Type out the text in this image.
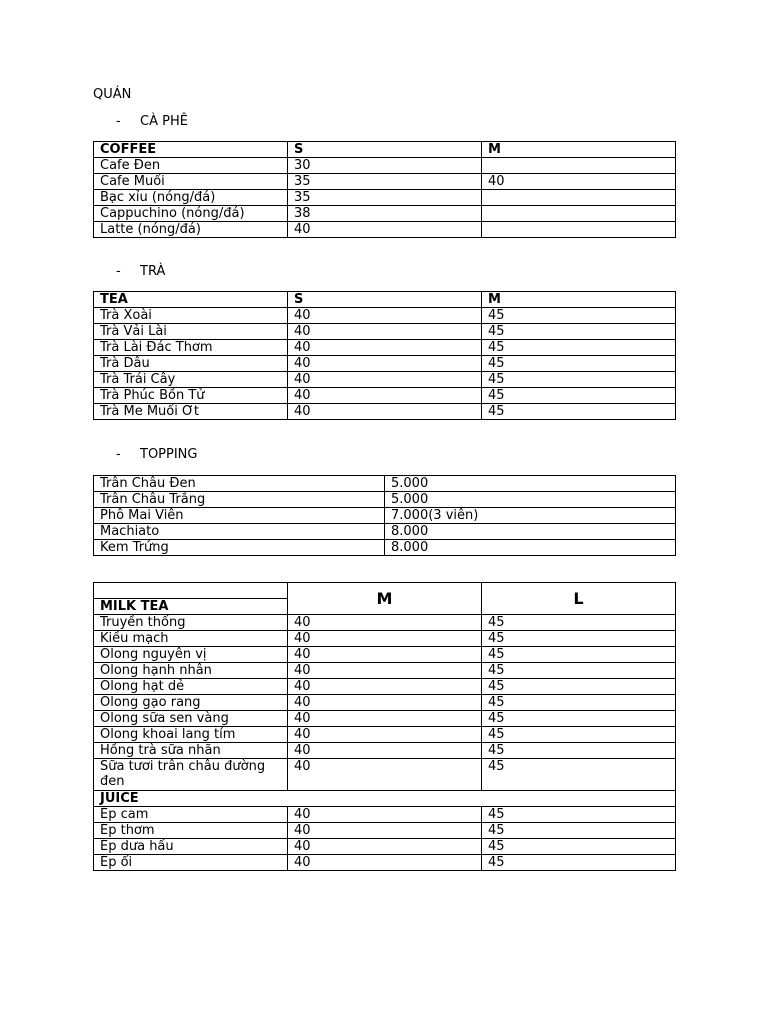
QUÁN
- CÀ PHÊ
COFFEE	S	M
Cafe Đen	30	
Cafe Muối	35	40
Bạc xỉu (nóng/đá)	35	
Cappuchino (nóng/đá)	38	
Latte (nóng/đá)	40	
- TRÀ
TEA	S	M
Trà Xoài	40	45
Trà Vải Lài	40	45
Trà Lài Đác Thơm	40	45
Trà Dâu	40	45
Trà Trái Cây	40	45
Trà Phúc Bồn Tử	40	45
Trà Me Muối Ớt	40	45
- TOPPING
Trân Châu Đen	5.000
Trân Châu Trắng	5.000
Phô Mai Viên	7.000(3 viên)
Machiato	8.000
Kem Trứng	8.000
	M	L
MILK TEA		
Truyền thống	40	45
Kiều mạch	40	45
Olong nguyên vị	40	45
Olong hạnh nhân	40	45
Olong hạt dẻ	40	45
Olong gạo rang	40	45
Olong sữa sen vàng	40	45
Olong khoai lang tím	40	45
Hồng trà sữa nhãn	40	45
Sữa tươi trân châu đường đen	40	45
JUICE		
Ép cam	40	45
Ép thơm	40	45
Ép dưa hấu	40	45
Ép ổi	40	45
